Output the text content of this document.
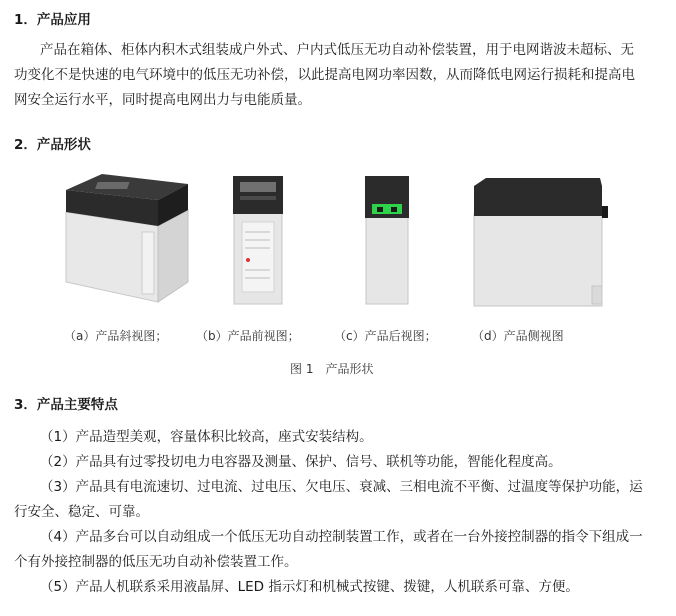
1．产品应用
产品在箱体、柜体内积木式组装成户外式、户内式低压无功自动补偿装置，用于电网谐波未超标、无
功变化不是快速的电气环境中的低压无功补偿，以此提高电网功率因数，从而降低电网运行损耗和提高电
网安全运行水平，同时提高电网出力与电能质量。
2．产品形状
（a）产品斜视图； （b）产品前视图；	（c）产品后视图；	（d）产品侧视图
图 1　产品形状
3．产品主要特点
（1）产品造型美观，容量体积比较高，座式安装结构。
（2）产品具有过零投切电力电容器及测量、保护、信号、联机等功能，智能化程度高。
（3）产品具有电流速切、过电流、过电压、欠电压、衰减、三相电流不平衡、过温度等保护功能，运
行安全、稳定、可靠。
（4）产品多台可以自动组成一个低压无功自动控制装置工作，或者在一台外接控制器的指令下组成一
个有外接控制器的低压无功自动补偿装置工作。
（5）产品人机联系采用液晶屏、LED 指示灯和机械式按键、拨键，人机联系可靠、方便。
